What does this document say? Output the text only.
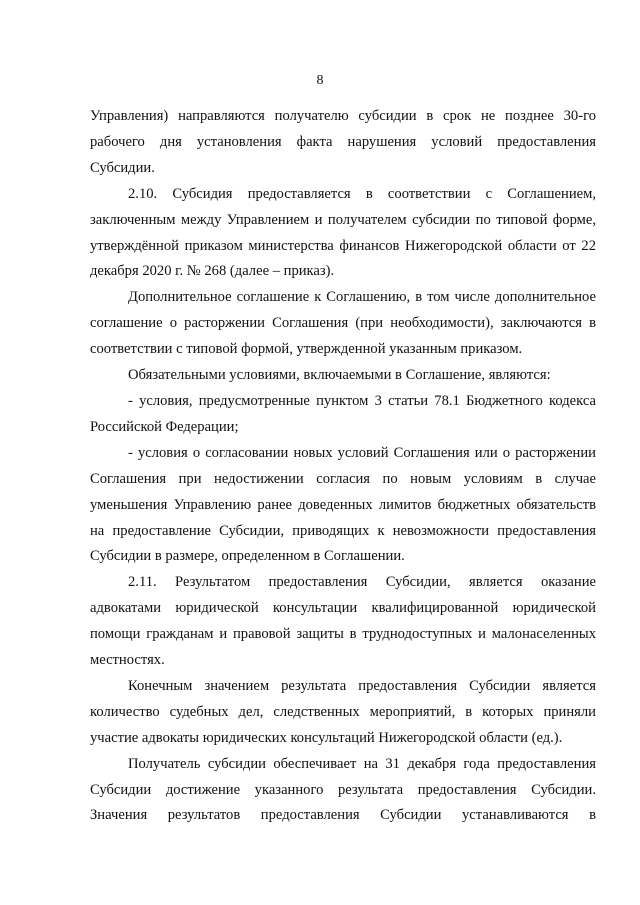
8

Управления) направляются получателю субсидии в срок не позднее 30-го рабочего дня установления факта нарушения условий предоставления Субсидии.

2.10. Субсидия предоставляется в соответствии с Соглашением, заключенным между Управлением и получателем субсидии по типовой форме, утверждённой приказом министерства финансов Нижегородской области от 22 декабря 2020 г. № 268 (далее – приказ).

Дополнительное соглашение к Соглашению, в том числе дополнительное соглашение о расторжении Соглашения (при необходимости), заключаются в соответствии с типовой формой, утвержденной указанным приказом.

Обязательными условиями, включаемыми в Соглашение, являются:

- условия, предусмотренные пунктом 3 статьи 78.1 Бюджетного кодекса Российской Федерации;

- условия о согласовании новых условий Соглашения или о расторжении Соглашения при недостижении согласия по новым условиям в случае уменьшения Управлению ранее доведенных лимитов бюджетных обязательств на предоставление Субсидии, приводящих к невозможности предоставления Субсидии в размере, определенном в Соглашении.

2.11. Результатом предоставления Субсидии, является оказание адвокатами юридической консультации квалифицированной юридической помощи гражданам и правовой защиты в труднодоступных и малонаселенных местностях.

Конечным значением результата предоставления Субсидии является количество судебных дел, следственных мероприятий, в которых приняли участие адвокаты юридических консультаций Нижегородской области (ед.).

Получатель субсидии обеспечивает на 31 декабря года предоставления Субсидии достижение указанного результата предоставления Субсидии. Значения результатов предоставления Субсидии устанавливаются в
